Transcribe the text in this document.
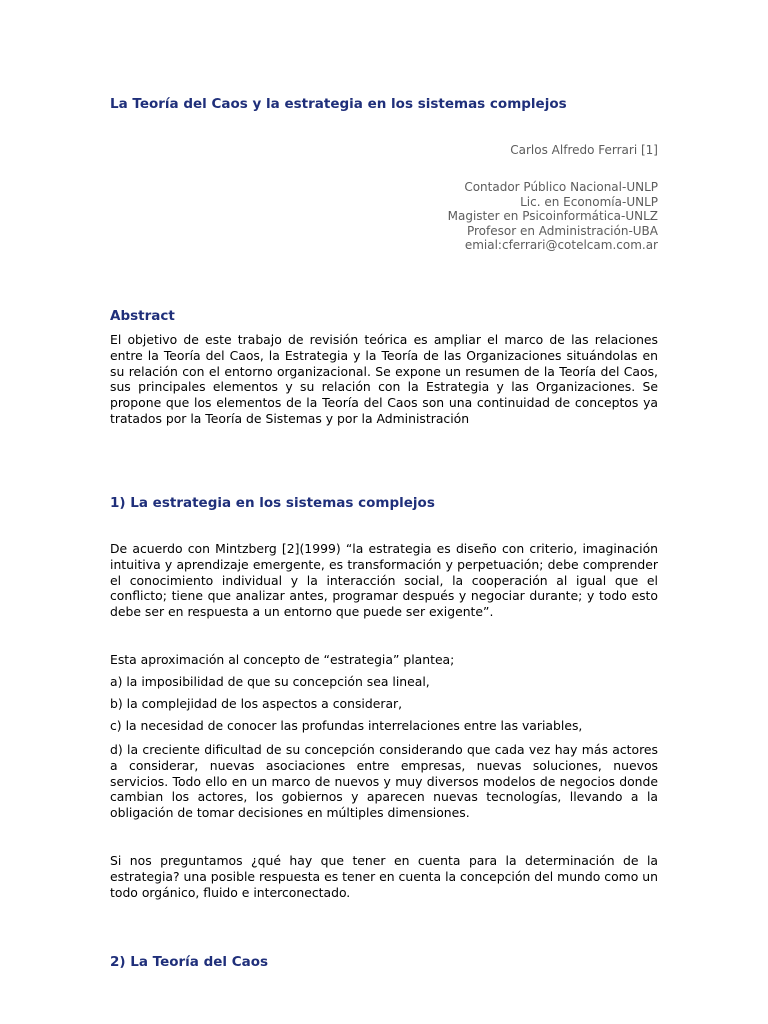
La Teoría del Caos y la estrategia en los sistemas complejos

Carlos Alfredo Ferrari [1]

Contador Público Nacional-UNLP
Lic. en Economía-UNLP
Magister en Psicoinformática-UNLZ
Profesor en Administración-UBA
emial:cferrari@cotelcam.com.ar
Abstract

El objetivo de este trabajo de revisión teórica es ampliar el marco de las relaciones entre la Teoría del Caos, la Estrategia y la Teoría de las Organizaciones situándolas en su relación con el entorno organizacional. Se expone un resumen de la Teoría del Caos, sus principales elementos y su relación con la Estrategia y las Organizaciones. Se propone que los elementos de la Teoría del Caos son una continuidad de conceptos ya tratados por la Teoría de Sistemas y por la Administración

1) La estrategia en los sistemas complejos

De acuerdo con Mintzberg [2](1999) “la estrategia es diseño con criterio, imaginación intuitiva y aprendizaje emergente, es transformación y perpetuación; debe comprender el conocimiento individual y la interacción social, la cooperación al igual que el conflicto; tiene que analizar antes, programar después y negociar durante; y todo esto debe ser en respuesta a un entorno que puede ser exigente”.

Esta aproximación al concepto de “estrategia” plantea;

a) la imposibilidad de que su concepción sea lineal,

b) la complejidad de los aspectos a considerar,

c) la necesidad de conocer las profundas interrelaciones entre las variables,

d) la creciente dificultad de su concepción considerando que cada vez hay más actores a considerar, nuevas asociaciones entre empresas, nuevas soluciones, nuevos servicios. Todo ello en un marco de nuevos y muy diversos modelos de negocios donde cambian los actores, los gobiernos y aparecen nuevas tecnologías, llevando a la obligación de tomar decisiones en múltiples dimensiones.

Si nos preguntamos ¿qué hay que tener en cuenta para la determinación de la estrategia? una posible respuesta es tener en cuenta la concepción del mundo como un todo orgánico, fluido e interconectado.

2) La Teoría del Caos
